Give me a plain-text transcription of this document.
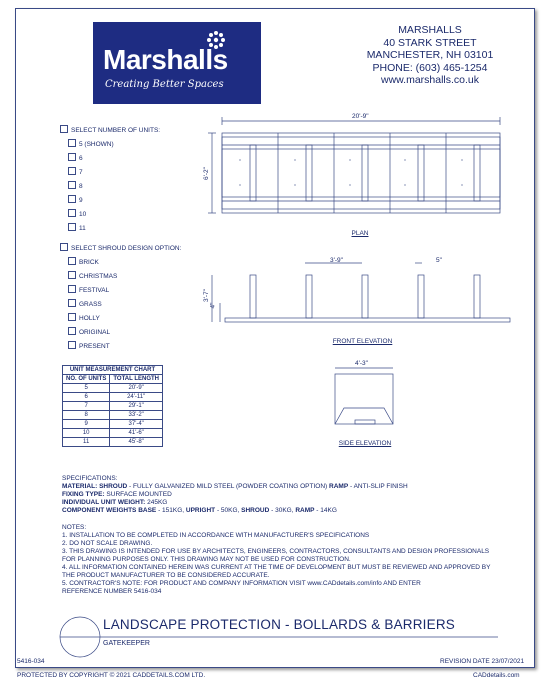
Marshalls
Creating Better Spaces
MARSHALLS
40 STARK STREET
MANCHESTER, NH 03101
PHONE: (603) 465-1254
www.marshalls.co.uk
SELECT NUMBER OF UNITS:
5 (SHOWN)
6
7
8
9
10
11
SELECT SHROUD DESIGN OPTION:
BRICK
CHRISTMAS
FESTIVAL
GRASS
HOLLY
ORIGINAL
PRESENT
20'-9"
6'-2"
PLAN
3'-9"	5"
3'-7"
4"
FRONT ELEVATION
4'-3"
SIDE ELEVATION
UNIT MEASUREMENT CHART	
NO. OF UNITS	TOTAL LENGTH
5	20'-9"
6	24'-11"
7	29'-1"
8	33'-2"
9	37'-4"
10	41'-6"
11	45'-8"
SPECIFICATIONS:
MATERIAL: SHROUD - FULLY GALVANIZED MILD STEEL (POWDER COATING OPTION) RAMP - ANTI-SLIP FINISH
FIXING TYPE: SURFACE MOUNTED
INDIVIDUAL UNIT WEIGHT: 245KG
COMPONENT WEIGHTS BASE - 151KG, UPRIGHT - 50KG, SHROUD - 30KG, RAMP - 14KG
NOTES:
1. INSTALLATION TO BE COMPLETED IN ACCORDANCE WITH MANUFACTURER'S SPECIFICATIONS
2. DO NOT SCALE DRAWING.
3. THIS DRAWING IS INTENDED FOR USE BY ARCHITECTS, ENGINEERS, CONTRACTORS, CONSULTANTS AND DESIGN PROFESSIONALS
FOR PLANNING PURPOSES ONLY. THIS DRAWING MAY NOT BE USED FOR CONSTRUCTION.
4. ALL INFORMATION CONTAINED HEREIN WAS CURRENT AT THE TIME OF DEVELOPMENT BUT MUST BE REVIEWED AND APPROVED BY
THE PRODUCT MANUFACTURER TO BE CONSIDERED ACCURATE.
5. CONTRACTOR'S NOTE: FOR PRODUCT AND COMPANY INFORMATION VISIT www.CADdetails.com/info AND ENTER
REFERENCE NUMBER 5416-034
LANDSCAPE PROTECTION - BOLLARDS & BARRIERS
GATEKEEPER
5416-034	REVISION DATE 23/07/2021
PROTECTED BY COPYRIGHT © 2021 CADDETAILS.COM LTD.	CADdetails.com
